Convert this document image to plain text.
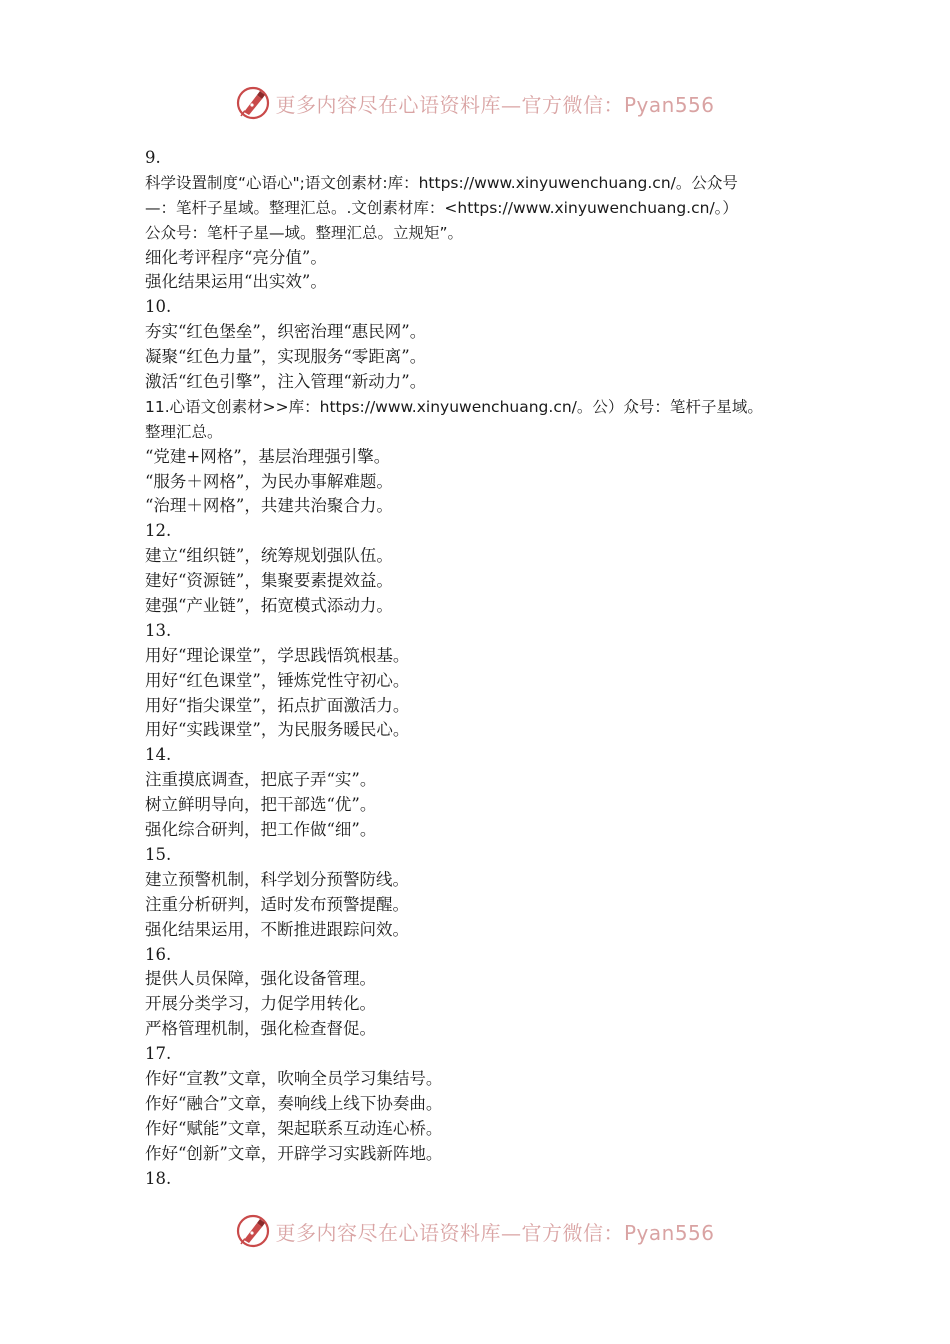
更多内容尽在心语资料库—官方微信：Pyan556
9.
科学设置制度“心语心";语文创素材:库：https://www.xinyuwenchuang.cn/。公众号
—：笔杆子星域。整理汇总。.文创素材库：<https://www.xinyuwenchuang.cn/。）
公众号：笔杆子星—域。整理汇总。立规矩”。
细化考评程序“亮分值”。
强化结果运用“出实效”。
10.
夯实“红色堡垒”，织密治理“惠民网”。
凝聚“红色力量”，实现服务“零距离”。
激活“红色引擎”，注入管理“新动力”。
11.心语文创素材>>库：https://www.xinyuwenchuang.cn/。公）众号：笔杆子星域。
整理汇总。
“党建+网格”，基层治理强引擎。
“服务＋网格”，为民办事解难题。
“治理＋网格”，共建共治聚合力。
12.
建立“组织链”，统筹规划强队伍。
建好“资源链”，集聚要素提效益。
建强“产业链”，拓宽模式添动力。
13.
用好“理论课堂”，学思践悟筑根基。
用好“红色课堂”，锤炼党性守初心。
用好“指尖课堂”，拓点扩面激活力。
用好“实践课堂”，为民服务暖民心。
14.
注重摸底调查，把底子弄“实”。
树立鲜明导向，把干部选“优”。
强化综合研判，把工作做“细”。
15.
建立预警机制，科学划分预警防线。
注重分析研判，适时发布预警提醒。
强化结果运用，不断推进跟踪问效。
16.
提供人员保障，强化设备管理。
开展分类学习，力促学用转化。
严格管理机制，强化检查督促。
17.
作好“宣教”文章，吹响全员学习集结号。
作好“融合”文章，奏响线上线下协奏曲。
作好“赋能”文章，架起联系互动连心桥。
作好“创新”文章，开辟学习实践新阵地。
18.
更多内容尽在心语资料库—官方微信：Pyan556
